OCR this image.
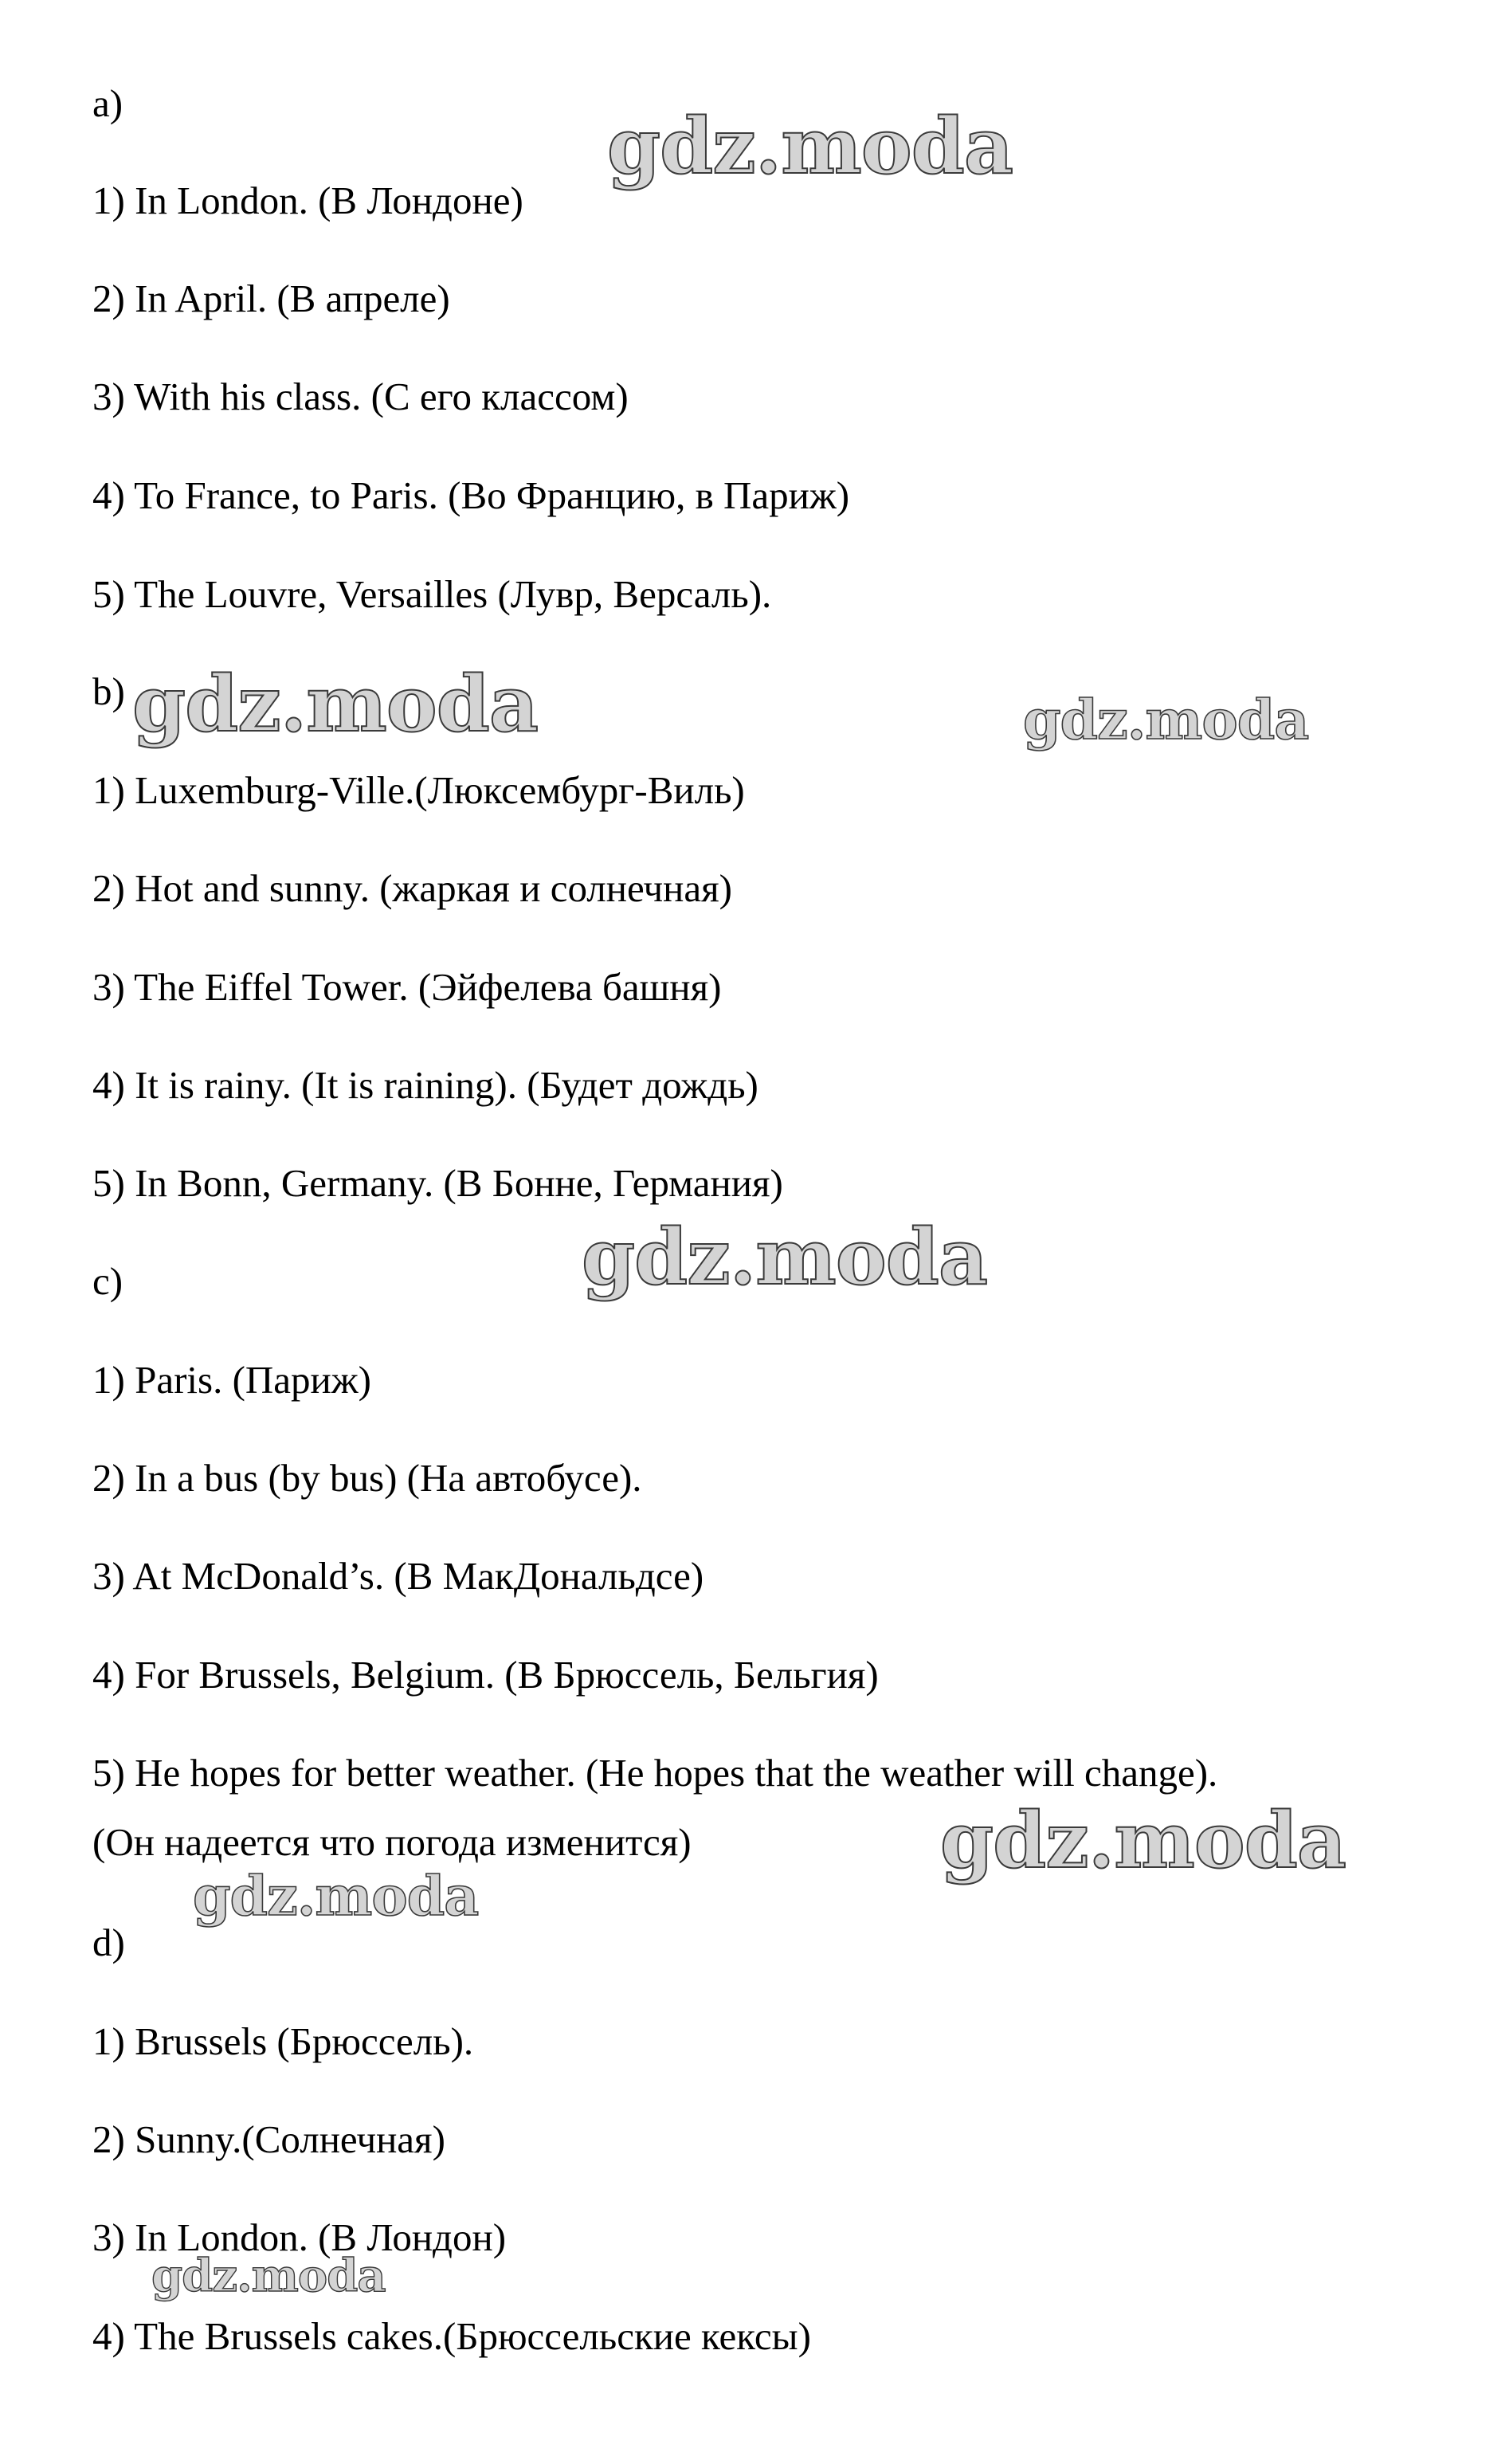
a)
1) In London. (В Лондоне)
2) In April. (В апреле)
3) With his class. (С его классом)
4) To France, to Paris. (Во Францию, в Париж)
5) The Louvre, Versailles (Лувр, Версаль).
b)
1) Luxemburg-Ville.(Люксембург-Виль)
2) Hot and sunny. (жаркая и солнечная)
3) The Eiffel Tower. (Эйфелева башня)
4) It is rainy. (It is raining). (Будет дождь)
5) In Bonn, Germany. (В Бонне, Германия)
c)
1) Paris. (Париж)
2) In a bus (by bus) (На автобусе).
3) At McDonald’s. (В МакДональдсе)
4) For Brussels, Belgium. (В Брюссель, Бельгия)
5) He hopes for better weather. (He hopes that the weather will change).
(Он надеется что погода изменится)
d)
1) Brussels (Брюссель).
2) Sunny.(Солнечная)
3) In London. (В Лондон)
4) The Brussels cakes.(Брюссельские кексы)
gdz.moda
gdz.moda	gdz.moda
gdz.moda
gdz.moda
gdz.moda
gdz.moda
